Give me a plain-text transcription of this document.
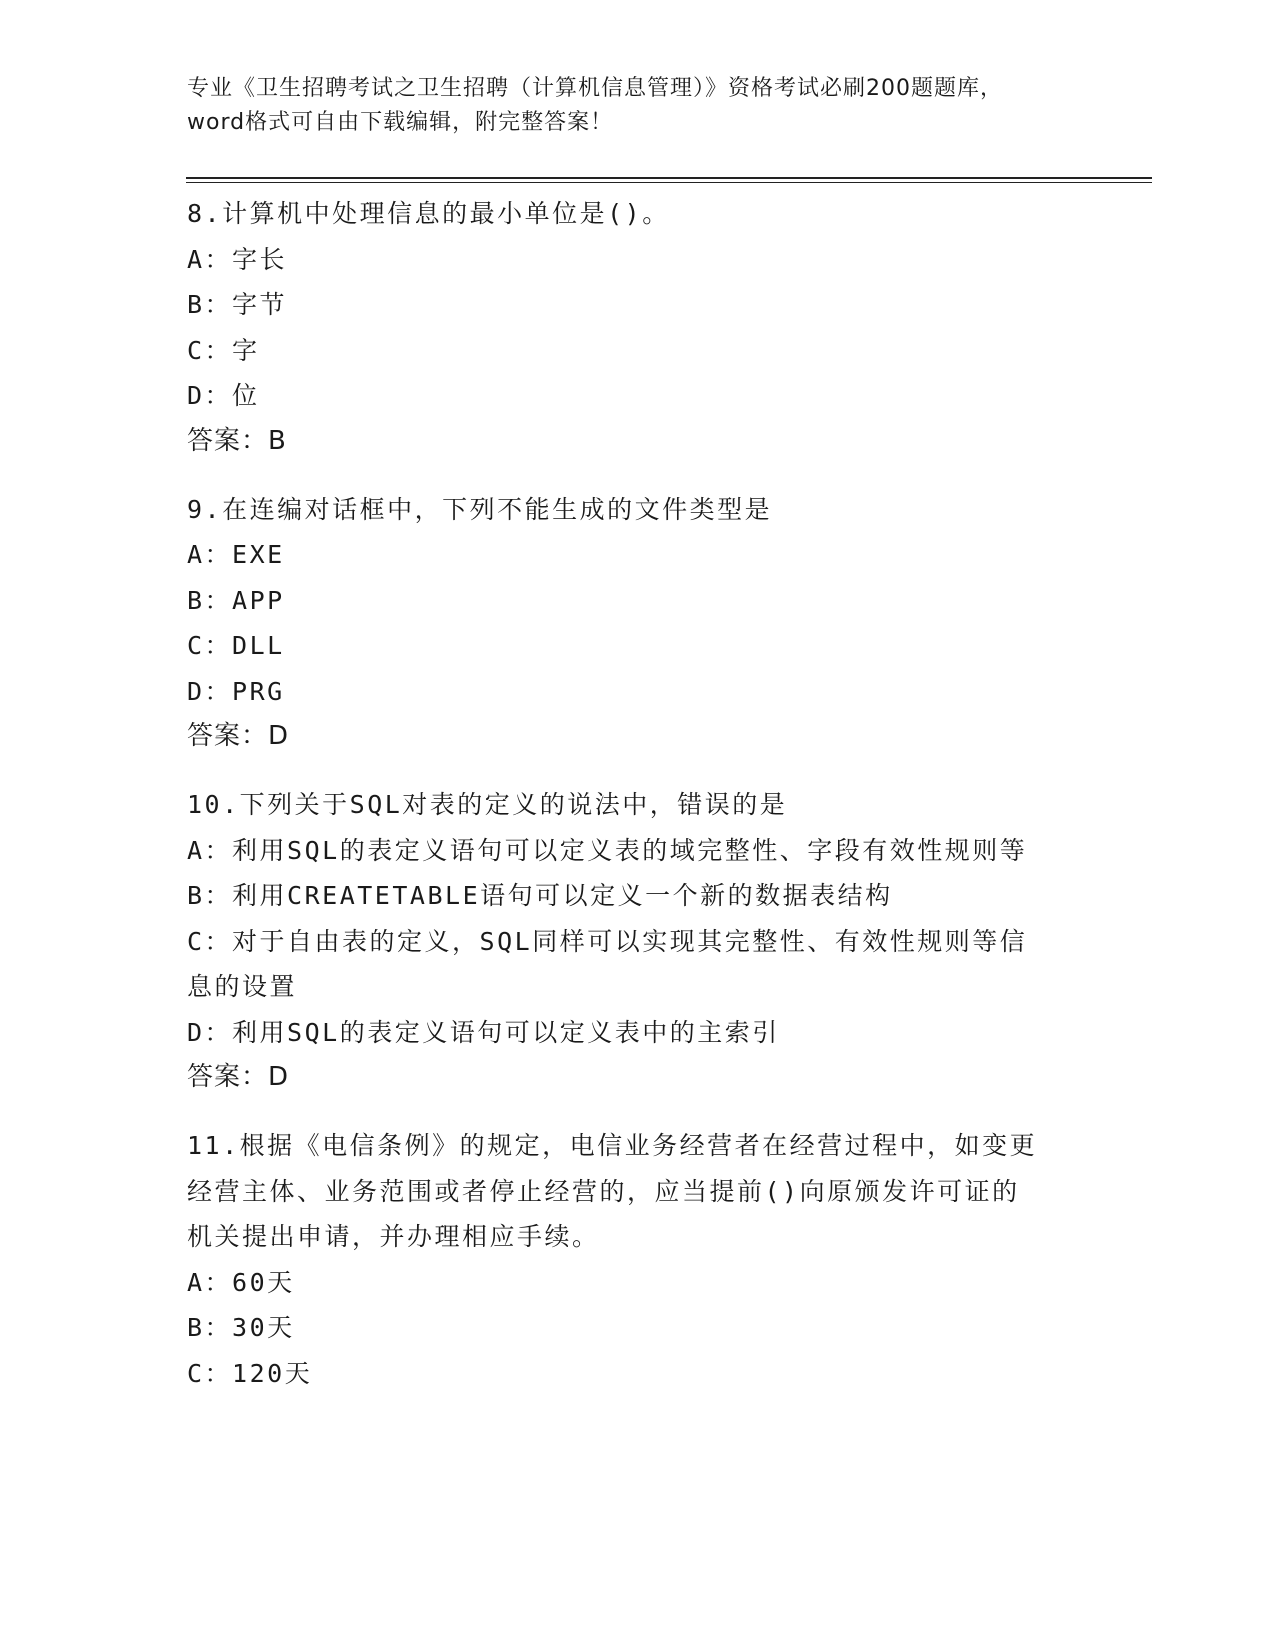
专业《卫生招聘考试之卫生招聘（计算机信息管理）》资格考试必刷200题题库，
word格式可自由下载编辑，附完整答案！
8.计算机中处理信息的最小单位是()。
A：字长
B：字节
C：字
D：位
答案：B
9.在连编对话框中，下列不能生成的文件类型是
A：EXE
B：APP
C：DLL
D：PRG
答案：D
10.下列关于SQL对表的定义的说法中，错误的是
A：利用SQL的表定义语句可以定义表的域完整性、字段有效性规则等
B：利用CREATETABLE语句可以定义一个新的数据表结构
C：对于自由表的定义，SQL同样可以实现其完整性、有效性规则等信
息的设置
D：利用SQL的表定义语句可以定义表中的主索引
答案：D
11.根据《电信条例》的规定，电信业务经营者在经营过程中，如变更
经营主体、业务范围或者停止经营的，应当提前()向原颁发许可证的
机关提出申请，并办理相应手续。
A：60天
B：30天
C：120天
